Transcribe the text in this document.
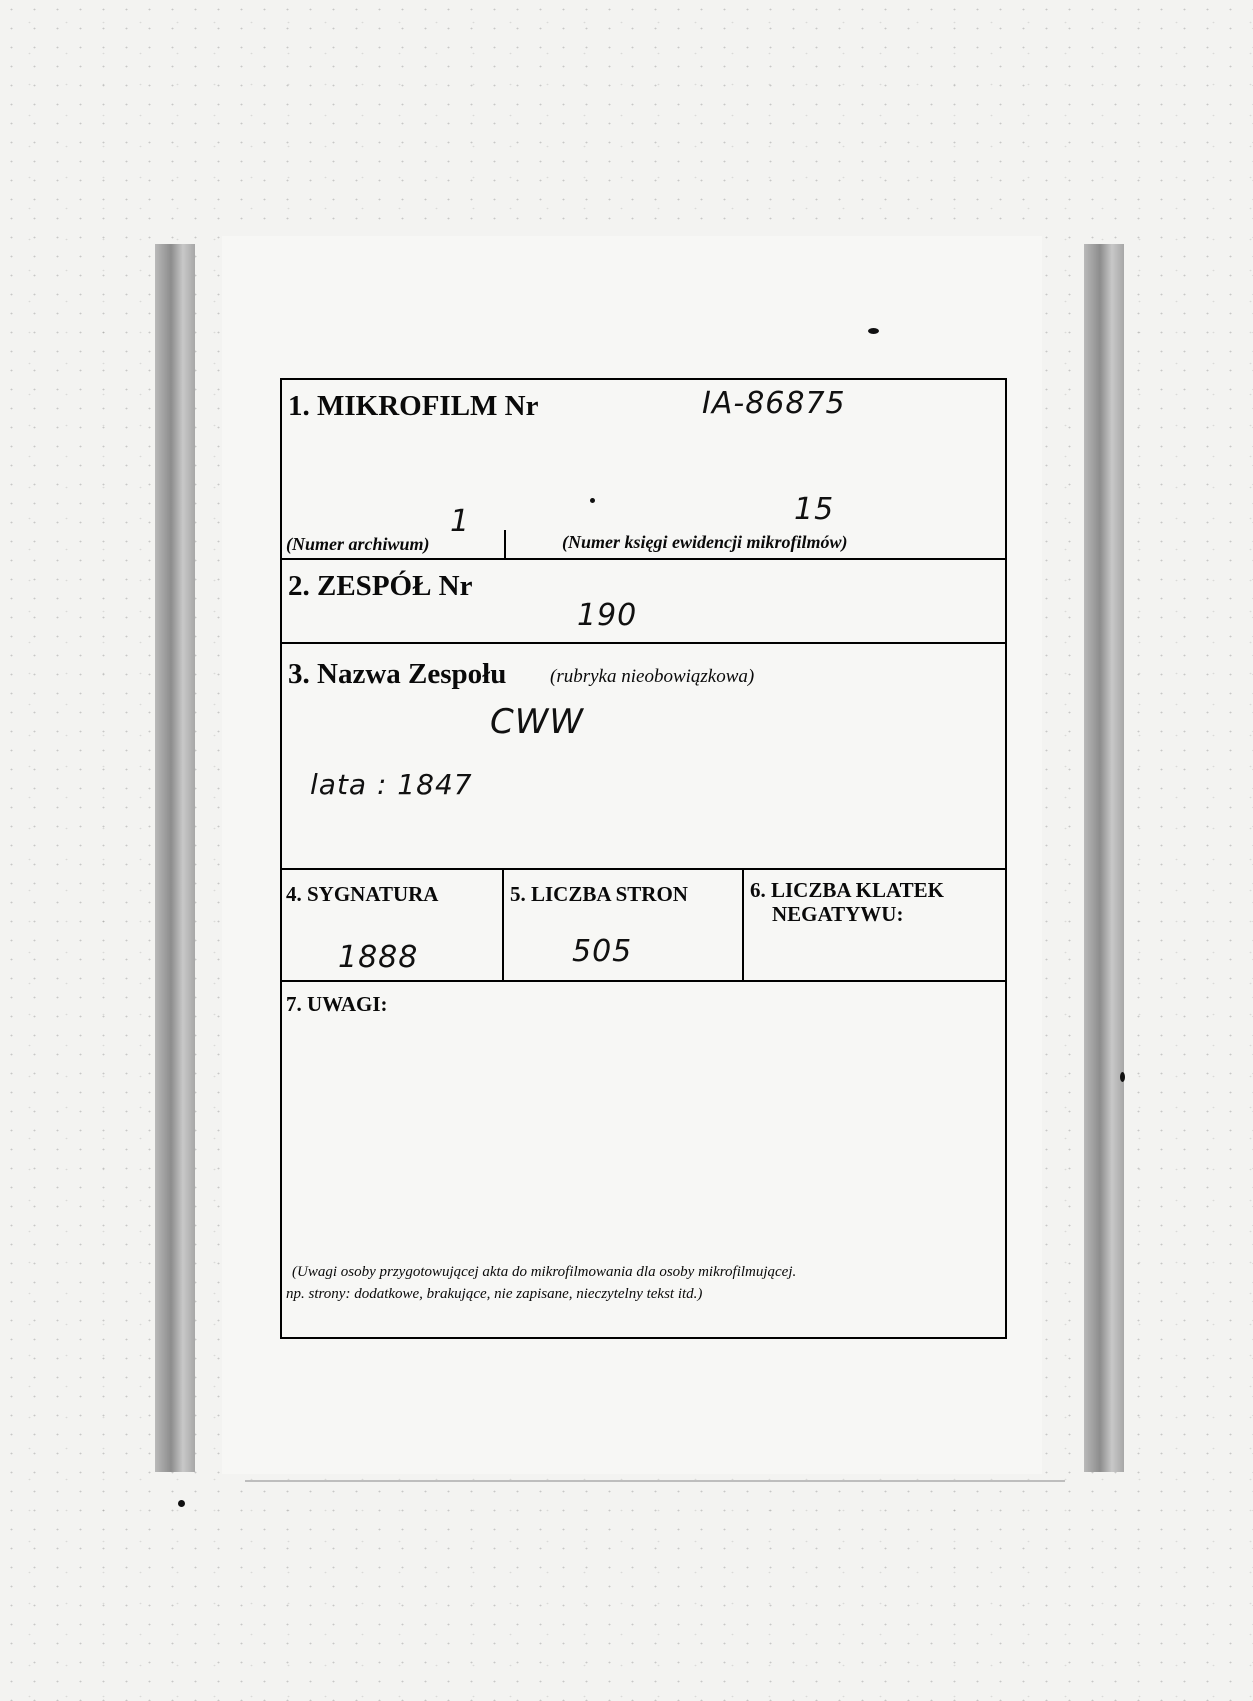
1. MIKROFILM Nr	IA-86875
1	15
(Numer archiwum)	(Numer księgi ewidencji mikrofilmów)
2. ZESPÓŁ Nr
190
3. Nazwa Zespołu (rubryka nieobowiązkowa)
CWW
lata : 1847
4. SYGNATURA
1888
5. LICZBA STRON
505
6. LICZBA KLATEK
NEGATYWU:
7. UWAGI:
(Uwagi osoby przygotowującej akta do mikrofilmowania dla osoby mikrofilmującej.
np. strony: dodatkowe, brakujące, nie zapisane, nieczytelny tekst itd.)
